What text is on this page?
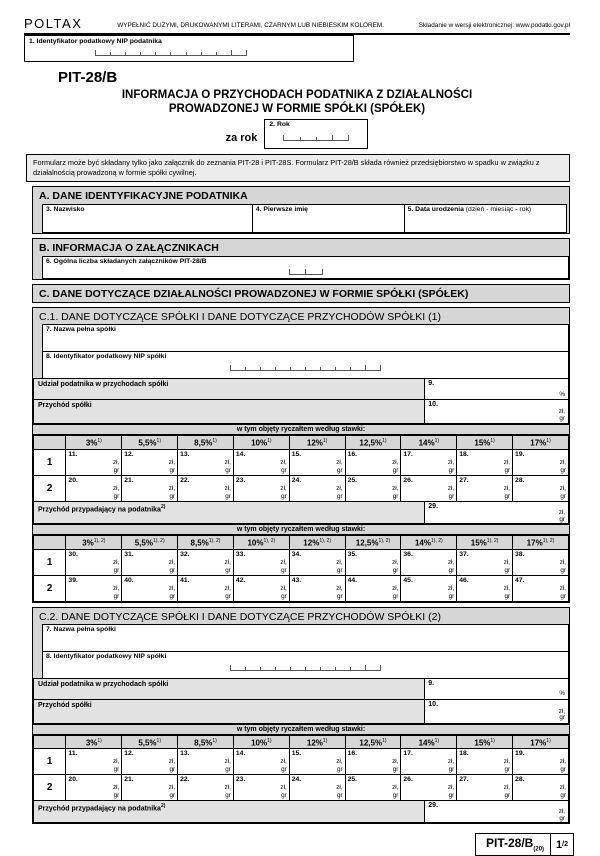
POLTAX	WYPEŁNIĆ DUŻYMI, DRUKOWANYMI LITERAMI, CZARNYM LUB NIEBIESKIM KOLOREM.	Składanie w wersji elektronicznej: www.podatki.gov.pl
1. Identyfikator podatkowy NIP podatnika
PIT-28/B
INFORMACJA O PRZYCHODACH PODATNIKA Z DZIAŁALNOŚCI
PROWADZONEJ W FORMIE SPÓŁKI (SPÓŁEK)
za rok
2. Rok
Formularz może być składany tylko jako załącznik do zeznania PIT-28 i PIT-28S. Formularz PIT-28/B składa również przedsiębiorstwo w spadku w związku z działalnością prowadzoną w formie spółki cywilnej.
A. DANE IDENTYFIKACYJNE PODATNIKA
3. Nazwisko	4. Pierwsze imię	5. Data urodzenia (dzień - miesiąc - rok)
B. INFORMACJA O ZAŁĄCZNIKACH
6. Ogólna liczba składanych załączników PIT-28/B
C. DANE DOTYCZĄCE DZIAŁALNOŚCI PROWADZONEJ W FORMIE SPÓŁKI (SPÓŁEK)
C.1. DANE DOTYCZĄCE SPÓŁKI I DANE DOTYCZĄCE PRZYCHODÓW SPÓŁKI (1)
7. Nazwa pełna spółki
8. Identyfikator podatkowy NIP spółki
Udział podatnika w przychodach spółki	9.
%
Przychód spółki	10.
zł,
gr
w tym objęty ryczałtem według stawki:
	3%$^{1)}$	5,5%$^{1)}$	8,5%$^{1)}$	10%$^{1)}$	12%$^{1)}$	12,5%$^{1)}$	14%$^{1)}$	15%$^{1)}$	17%$^{1)}$
1	11.
zł,
gr	12.
zł,
gr	13.
zł,
gr	14.
zł,
gr	15.
zł,
gr	16.
zł,
gr	17.
zł,
gr	18.
zł,
gr	19.
zł,
gr

2	20.
zł,
gr	21.
zł,
gr	22.
zł,
gr	23.
zł,
gr	24.
zł,
gr	25.
zł,
gr	26.
zł,
gr	27.
zł,
gr	28.
zł,
gr
Przychód przypadający na podatnika$^{2)}$	29.
zł,
gr
w tym objęty ryczałtem według stawki:
	3%$^{1), 2)}$	5,5%$^{1), 2)}$	8,5%$^{1), 2)}$	10%$^{1), 2)}$	12%$^{1), 2)}$	12,5%$^{1), 2)}$	14%$^{1), 2)}$	15%$^{1), 2)}$	17%$^{1), 2)}$
1	30.
zł,
gr	31.
zł,
gr	32.
zł,
gr	33.
zł,
gr	34.
zł,
gr	35.
zł,
gr	36.
zł,
gr	37.
zł,
gr	38.
zł,
gr

2	39.
zł,
gr	40.
zł,
gr	41.
zł,
gr	42.
zł,
gr	43.
zł,
gr	44.
zł,
gr	45.
zł,
gr	46.
zł,
gr	47.
zł,
gr
C.2. DANE DOTYCZĄCE SPÓŁKI I DANE DOTYCZĄCE PRZYCHODÓW SPÓŁKI (2)
7. Nazwa pełna spółki
8. Identyfikator podatkowy NIP spółki
Udział podatnika w przychodach spółki	9.
%
Przychód spółki	10.
zł,
gr
w tym objęty ryczałtem według stawki:
	3%$^{1)}$	5,5%$^{1)}$	8,5%$^{1)}$	10%$^{1)}$	12%$^{1)}$	12,5%$^{1)}$	14%$^{1)}$	15%$^{1)}$	17%$^{1)}$
1	11.
zł,
gr	12.
zł,
gr	13.
zł,
gr	14.
zł,
gr	15.
zł,
gr	16.
zł,
gr	17.
zł,
gr	18.
zł,
gr	19.
zł,
gr

2	20.
zł,
gr	21.
zł,
gr	22.
zł,
gr	23.
zł,
gr	24.
zł,
gr	25.
zł,
gr	26.
zł,
gr	27.
zł,
gr	28.
zł,
gr
Przychód przypadający na podatnika$^{2)}$	29.
zł,
gr
PIT-$28/B_{(20)}$	1 /2
